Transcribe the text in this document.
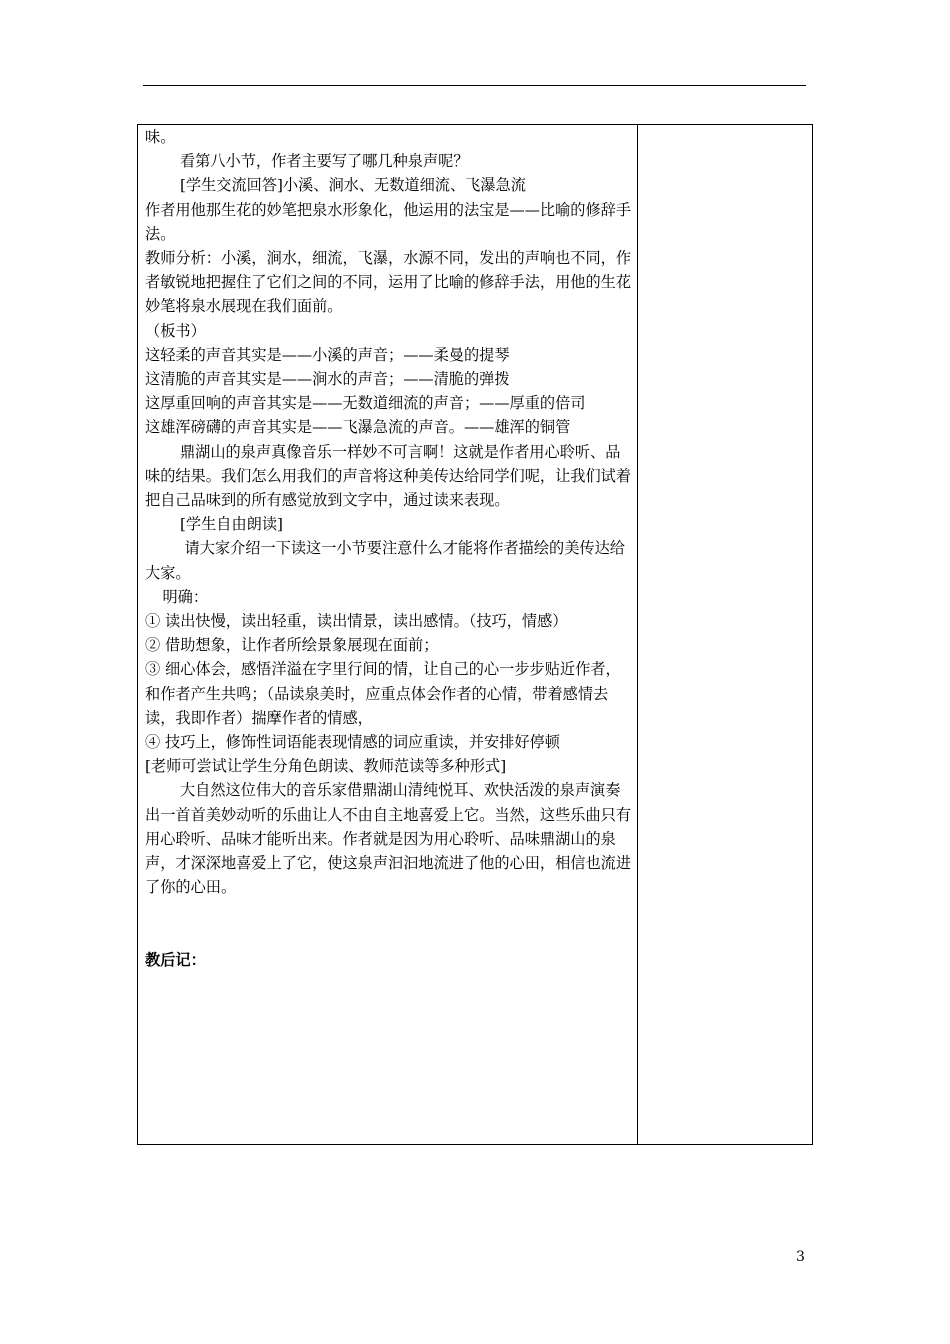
味。

看第八小节，作者主要写了哪几种泉声呢？

[学生交流回答]小溪、涧水、无数道细流、飞瀑急流

作者用他那生花的妙笔把泉水形象化，他运用的法宝是——比喻的修辞手法。

教师分析：小溪，涧水，细流，飞瀑，水源不同，发出的声响也不同，作者敏锐地把握住了它们之间的不同，运用了比喻的修辞手法，用他的生花妙笔将泉水展现在我们面前。

（板书）

这轻柔的声音其实是——小溪的声音；——柔曼的提琴

这清脆的声音其实是——涧水的声音；——清脆的弹拨

这厚重回响的声音其实是——无数道细流的声音；——厚重的倍司

这雄浑磅礴的声音其实是——飞瀑急流的声音。——雄浑的铜管

鼎湖山的泉声真像音乐一样妙不可言啊！这就是作者用心聆听、品味的结果。我们怎么用我们的声音将这种美传达给同学们呢，让我们试着把自己品味到的所有感觉放到文字中，通过读来表现。

[学生自由朗读]

请大家介绍一下读这一小节要注意什么才能将作者描绘的美传达给大家。

明确：

① 读出快慢，读出轻重，读出情景，读出感情。（技巧，情感）

② 借助想象，让作者所绘景象展现在面前；

③ 细心体会，感悟洋溢在字里行间的情，让自己的心一步步贴近作者，和作者产生共鸣；（品读泉美时，应重点体会作者的心情，带着感情去读，我即作者）揣摩作者的情感，

④ 技巧上，修饰性词语能表现情感的词应重读，并安排好停顿

[老师可尝试让学生分角色朗读、教师范读等多种形式]

大自然这位伟大的音乐家借鼎湖山清纯悦耳、欢快活泼的泉声演奏出一首首美妙动听的乐曲让人不由自主地喜爱上它。当然，这些乐曲只有用心聆听、品味才能听出来。作者就是因为用心聆听、品味鼎湖山的泉声，才深深地喜爱上了它，使这泉声汩汩地流进了他的心田，相信也流进了你的心田。

教后记：

3
